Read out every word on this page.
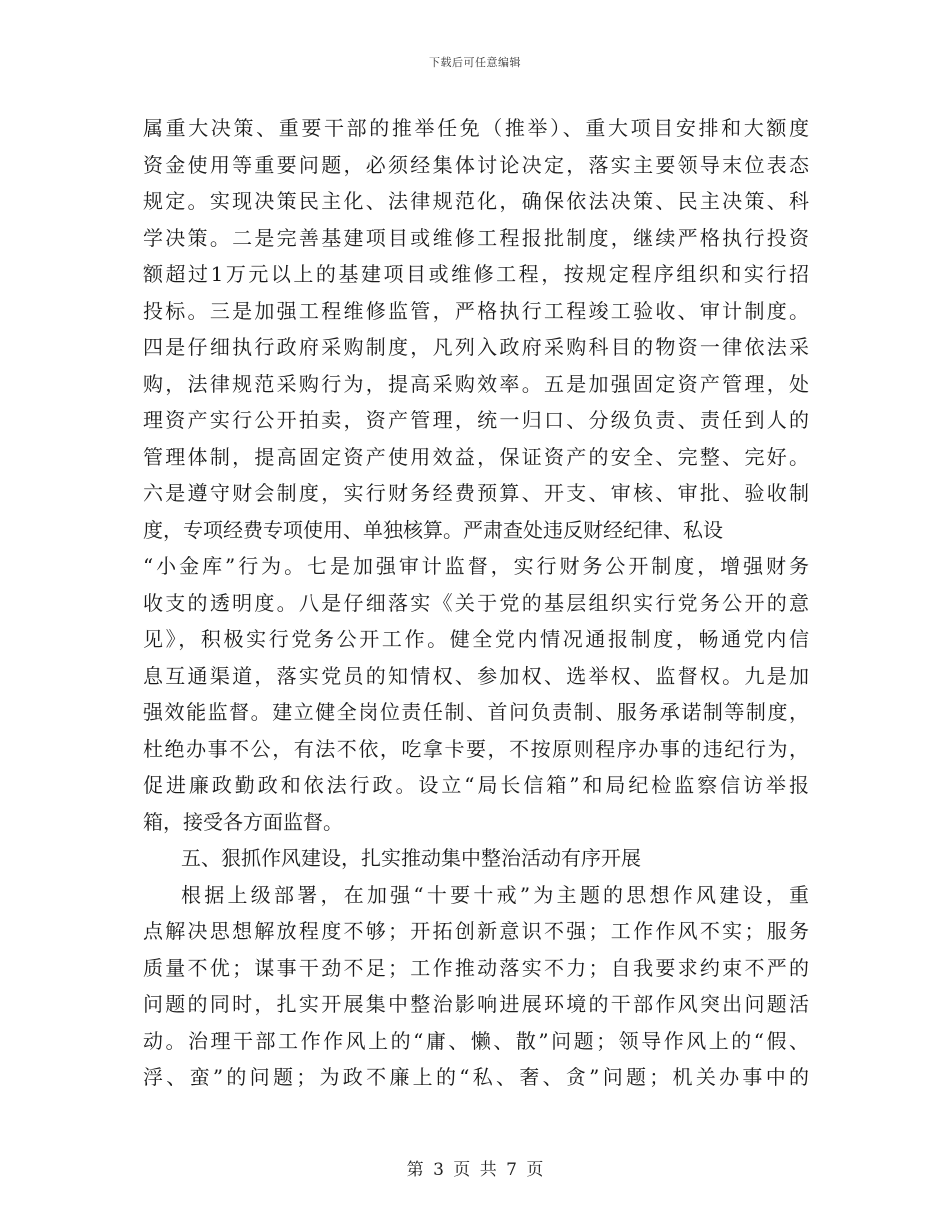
下载后可任意编辑
属重大决策、重要干部的推举任免（推举）、重大项目安排和大额度
资金使用等重要问题，必须经集体讨论决定，落实主要领导末位表态
规定。实现决策民主化、法律规范化，确保依法决策、民主决策、科
学决策。二是完善基建项目或维修工程报批制度，继续严格执行投资
额超过1万元以上的基建项目或维修工程，按规定程序组织和实行招
投标。三是加强工程维修监管，严格执行工程竣工验收、审计制度。
四是仔细执行政府采购制度，凡列入政府采购科目的物资一律依法采
购，法律规范采购行为，提高采购效率。五是加强固定资产管理，处
理资产实行公开拍卖，资产管理，统一归口、分级负责、责任到人的
管理体制，提高固定资产使用效益，保证资产的安全、完整、完好。
六是遵守财会制度，实行财务经费预算、开支、审核、审批、验收制
度，专项经费专项使用、单独核算。严肃查处违反财经纪律、私设
“小金库”行为。七是加强审计监督，实行财务公开制度，增强财务
收支的透明度。八是仔细落实《关于党的基层组织实行党务公开的意
见》，积极实行党务公开工作。健全党内情况通报制度，畅通党内信
息互通渠道，落实党员的知情权、参加权、选举权、监督权。九是加
强效能监督。建立健全岗位责任制、首问负责制、服务承诺制等制度，
杜绝办事不公，有法不依，吃拿卡要，不按原则程序办事的违纪行为，
促进廉政勤政和依法行政。设立“局长信箱”和局纪检监察信访举报
箱，接受各方面监督。
五、狠抓作风建设，扎实推动集中整治活动有序开展
根据上级部署，在加强“十要十戒”为主题的思想作风建设，重
点解决思想解放程度不够；开拓创新意识不强；工作作风不实；服务
质量不优；谋事干劲不足；工作推动落实不力；自我要求约束不严的
问题的同时，扎实开展集中整治影响进展环境的干部作风突出问题活
动。治理干部工作作风上的“庸、懒、散”问题；领导作风上的“假、
浮、蛮”的问题；为政不廉上的“私、奢、贪”问题；机关办事中的
第 3 页 共 7 页
